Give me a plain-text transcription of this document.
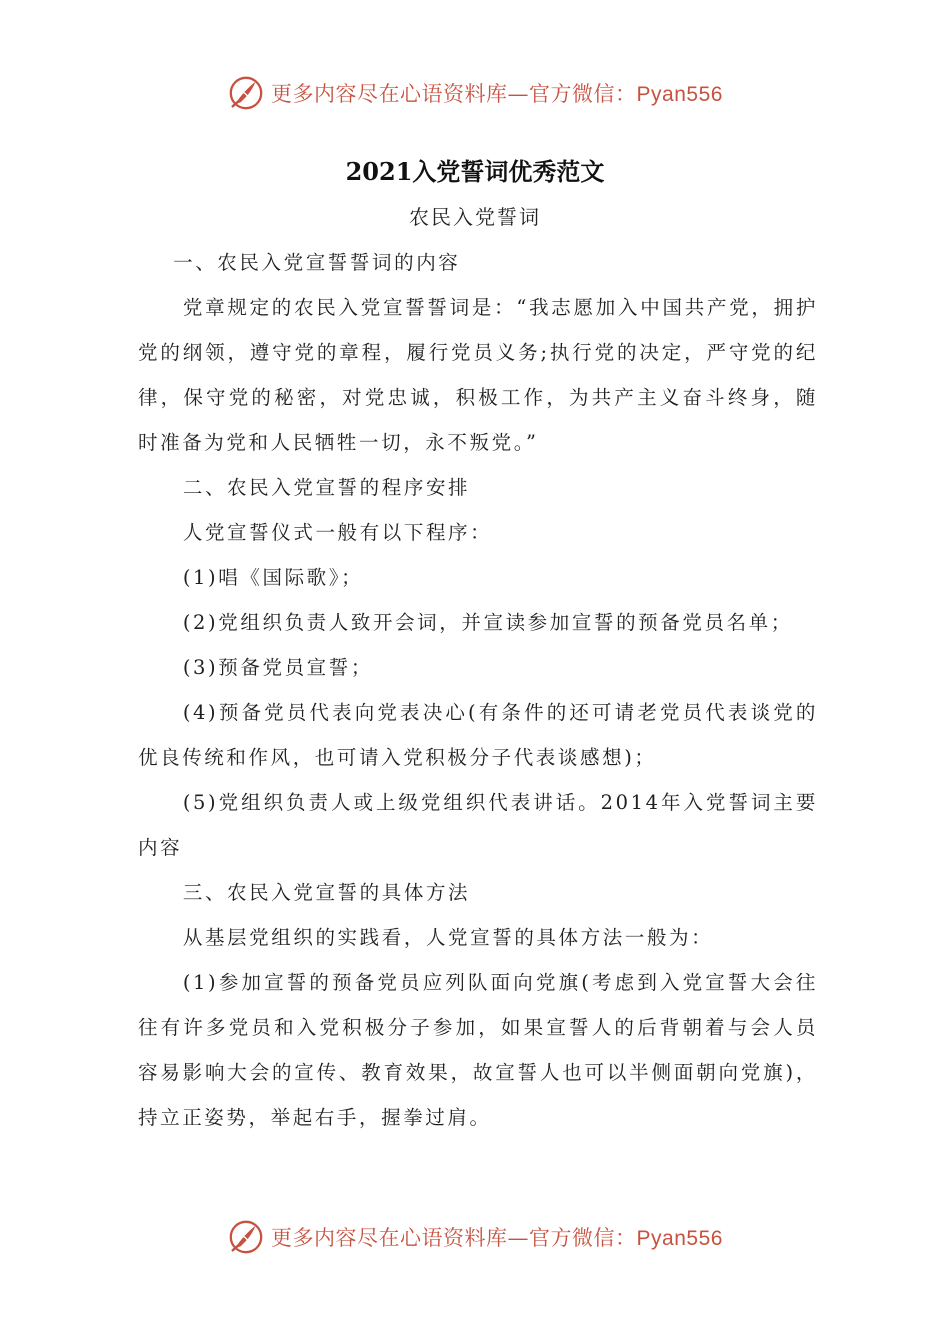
更多内容尽在心语资料库—官方微信：Pyan556
2021入党誓词优秀范文
农民入党誓词

一、农民入党宣誓誓词的内容

党章规定的农民入党宣誓誓词是：“我志愿加入中国共产党，拥护党的纲领，遵守党的章程，履行党员义务;执行党的决定，严守党的纪律，保守党的秘密，对党忠诚，积极工作，为共产主义奋斗终身，随时准备为党和人民牺牲一切，永不叛党。”

二、农民入党宣誓的程序安排

人党宣誓仪式一般有以下程序：

(1)唱《国际歌》；

(2)党组织负责人致开会词，并宣读参加宣誓的预备党员名单；

(3)预备党员宣誓；

(4)预备党员代表向党表决心(有条件的还可请老党员代表谈党的优良传统和作风，也可请入党积极分子代表谈感想)；

(5)党组织负责人或上级党组织代表讲话。2014年入党誓词主要内容

三、农民入党宣誓的具体方法

从基层党组织的实践看，人党宣誓的具体方法一般为：

(1)参加宣誓的预备党员应列队面向党旗(考虑到入党宣誓大会往往有许多党员和入党积极分子参加，如果宣誓人的后背朝着与会人员容易影响大会的宣传、教育效果，故宣誓人也可以半侧面朝向党旗)，持立正姿势，举起右手，握拳过肩。

更多内容尽在心语资料库—官方微信：Pyan556
